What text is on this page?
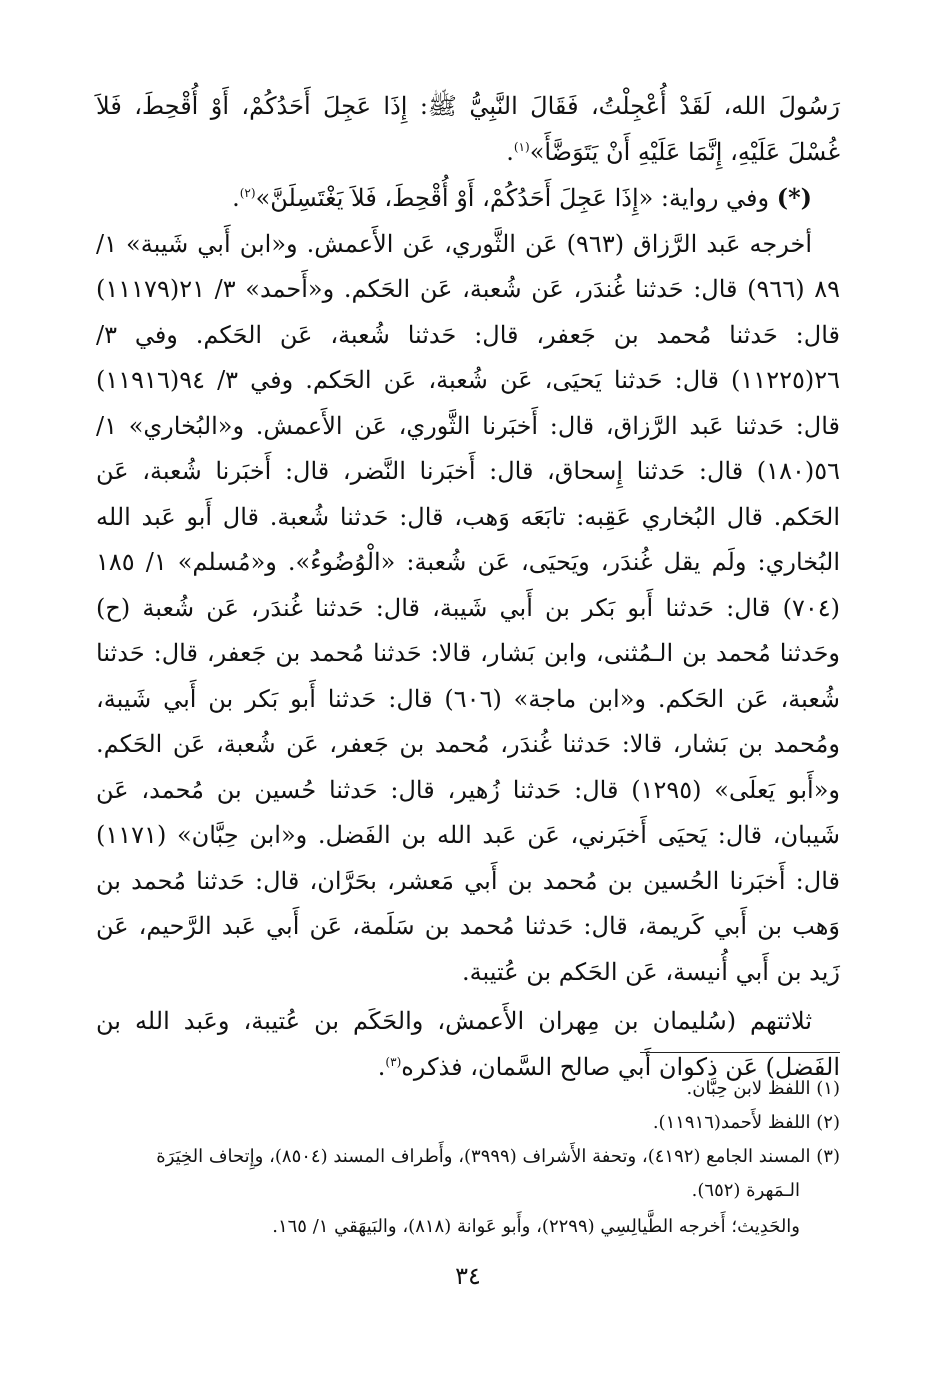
رَسُولَ الله، لَقَدْ أُعْجِلْتُ، فَقَالَ النَّبِيُّ ﷺ: إِذَا عَجِلَ أَحَدُكُمْ، أَوْ أُقْحِطَ، فَلاَ غُسْلَ عَلَيْهِ، إِنَّمَا عَلَيْهِ أَنْ يَتَوَضَّأَ»$^{(١)}$.

(*) وفي رواية: «إِذَا عَجِلَ أَحَدُكُمْ، أَوْ أُقْحِطَ، فَلاَ يَغْتَسِلَنَّ»$^{(٢)}$.

أخرجه عَبد الرَّزاق (٩٦٣) عَن الثَّوري، عَن الأَعمش. و«ابن أَبي شَيبة» ١/ ٨٩ (٩٦٦) قال: حَدثنا غُندَر، عَن شُعبة، عَن الحَكم. و«أَحمد» ٣/ ٢١(١١١٧٩) قال: حَدثنا مُحمد بن جَعفر، قال: حَدثنا شُعبة، عَن الحَكم. وفي ٣/ ٢٦(١١٢٢٥) قال: حَدثنا يَحيَى، عَن شُعبة، عَن الحَكم. وفي ٣/ ٩٤(١١٩١٦) قال: حَدثنا عَبد الرَّزاق، قال: أَخبَرنا الثَّوري، عَن الأَعمش. و«البُخاري» ١/ ٥٦(١٨٠) قال: حَدثنا إِسحاق، قال: أَخبَرنا النَّضر، قال: أَخبَرنا شُعبة، عَن الحَكم. قال البُخاري عَقِبه: تابَعَه وَهب، قال: حَدثنا شُعبة. قال أَبو عَبد الله البُخاري: ولَم يقل غُندَر، ويَحيَى، عَن شُعبة: «الْوُضُوءُ». و«مُسلم» ١/ ١٨٥ (٧٠٤) قال: حَدثنا أَبو بَكر بن أَبي شَيبة، قال: حَدثنا غُندَر، عَن شُعبة (ح) وحَدثنا مُحمد بن الـمُثنى، وابن بَشار، قالا: حَدثنا مُحمد بن جَعفر، قال: حَدثنا شُعبة، عَن الحَكم. و«ابن ماجة» (٦٠٦) قال: حَدثنا أَبو بَكر بن أَبي شَيبة، ومُحمد بن بَشار، قالا: حَدثنا غُندَر، مُحمد بن جَعفر، عَن شُعبة، عَن الحَكم. و«أَبو يَعلَى» (١٢٩٥) قال: حَدثنا زُهير، قال: حَدثنا حُسين بن مُحمد، عَن شَيبان، قال: يَحيَى أَخبَرني، عَن عَبد الله بن الفَضل. و«ابن حِبَّان» (١١٧١) قال: أَخبَرنا الحُسين بن مُحمد بن أَبي مَعشر، بحَرَّان، قال: حَدثنا مُحمد بن وَهب بن أَبي كَريمة، قال: حَدثنا مُحمد بن سَلَمة، عَن أَبي عَبد الرَّحيم، عَن زَيد بن أَبي أُنيسة، عَن الحَكم بن عُتيبة.

ثلاثتهم (سُليمان بن مِهران الأَعمش، والحَكَم بن عُتيبة، وعَبد الله بن الفَضل) عَن ذكوان أَبي صالح السَّمان، فذكره$^{(٣)}$.

(١) اللفظ لابن حِبَّان.

(٢) اللفظ لأَحمد(١١٩١٦).

(٣) المسند الجامع (٤١٩٢)، وتحفة الأَشراف (٣٩٩٩)، وأَطراف المسند (٨٥٠٤)، وإِتحاف الخِيَرَة

الـمَهرة (٦٥٢).

والحَدِيث؛ أَخرجه الطَّيالِسِي (٢٢٩٩)، وأَبو عَوانة (٨١٨)، والبَيهَقي ١/ ١٦٥.

٣٤
